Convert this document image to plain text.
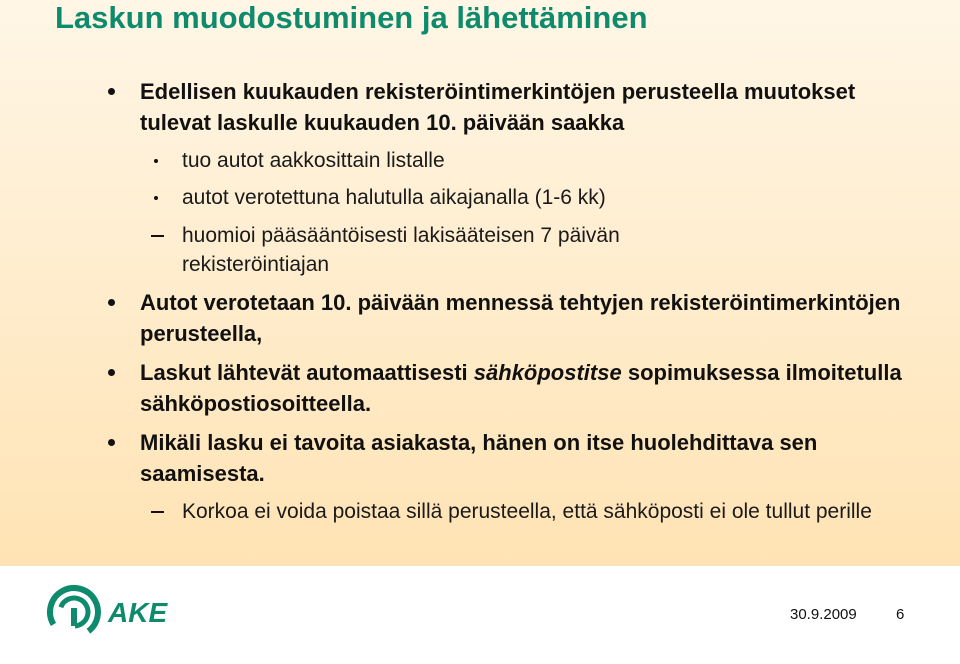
Laskun muodostuminen ja lähettäminen

Edellisen kuukauden rekisteröintimerkintöjen perusteella muutokset tulevat laskulle kuukauden 10. päivään saakka

tuo autot aakkosittain listalle

autot verotettuna halutulla aikajanalla (1-6 kk)

huomioi pääsääntöisesti lakisääteisen 7 päivän rekisteröintiajan

Autot verotetaan 10. päivään mennessä tehtyjen rekisteröintimerkintöjen perusteella,

Laskut lähtevät automaattisesti sähköpostitse sopimuksessa ilmoitetulla sähköpostiosoitteella.

Mikäli lasku ei tavoita asiakasta, hänen on itse huolehdittava sen saamisesta.

Korkoa ei voida poistaa sillä perusteella, että sähköposti ei ole tullut perille

AKE	30.9.2009	6
